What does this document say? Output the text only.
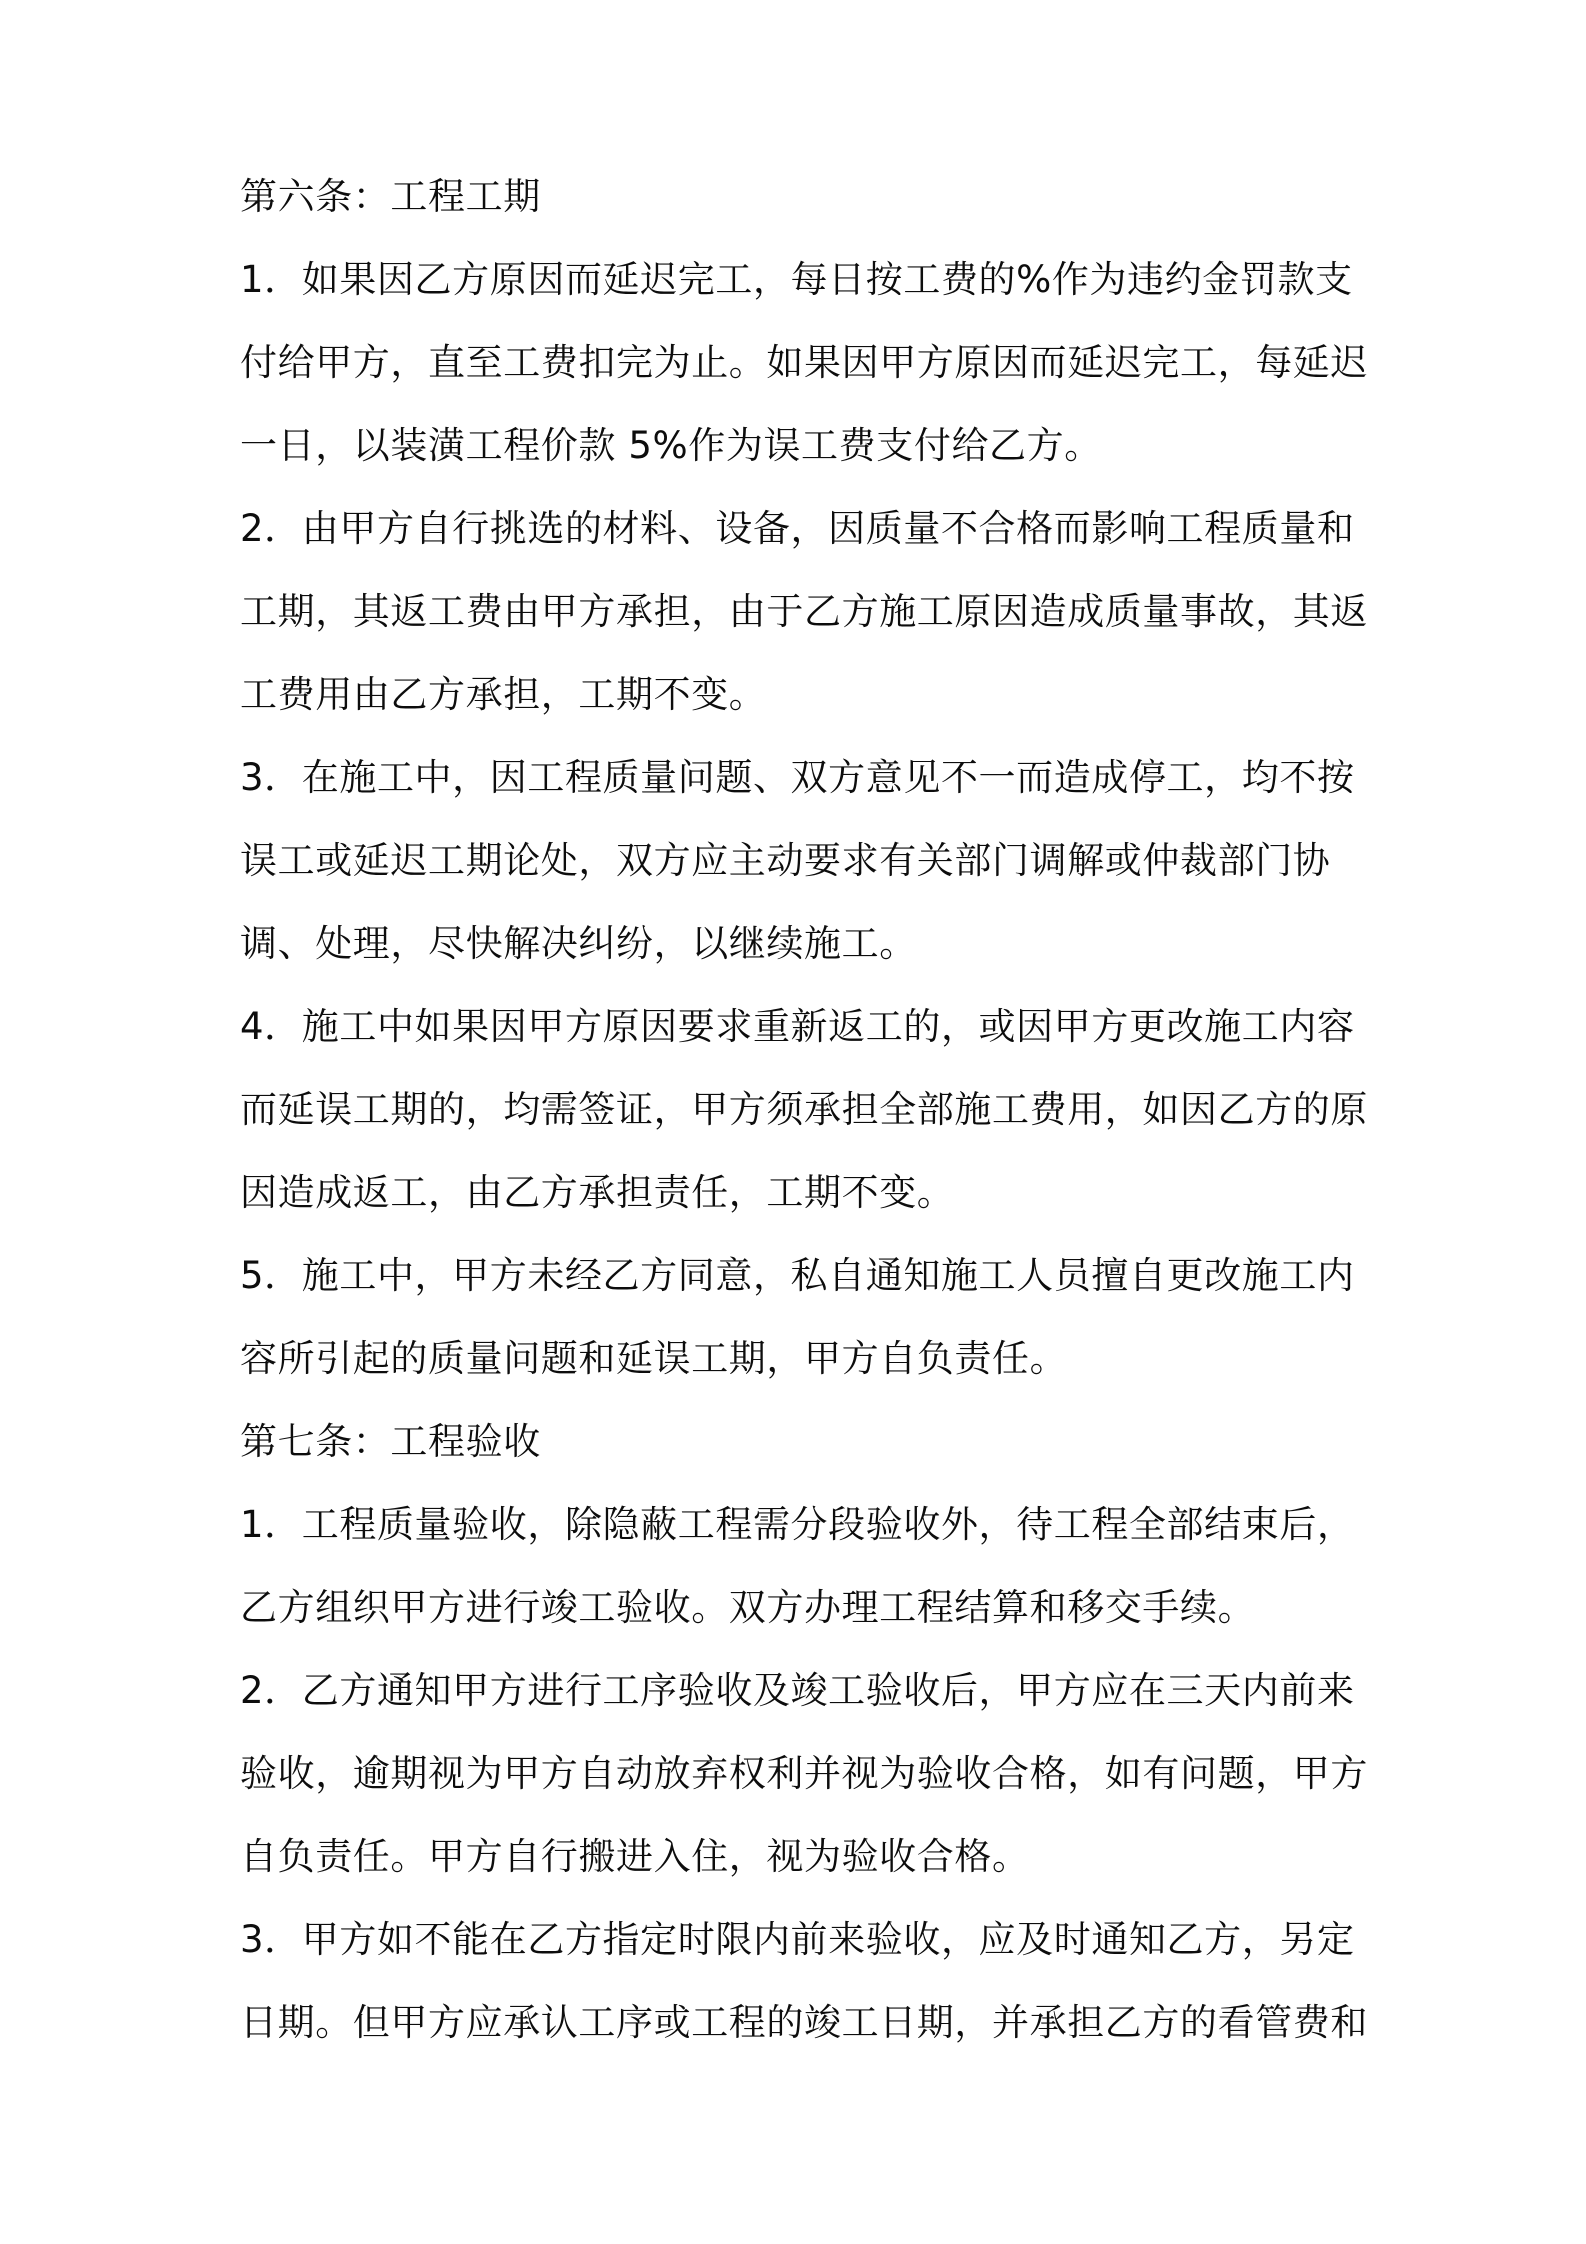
第六条：工程工期
1．如果因乙方原因而延迟完工，每日按工费的%作为违约金罚款支
付给甲方，直至工费扣完为止。如果因甲方原因而延迟完工，每延迟
一日，以装潢工程价款 5%作为误工费支付给乙方。
2．由甲方自行挑选的材料、设备，因质量不合格而影响工程质量和
工期，其返工费由甲方承担，由于乙方施工原因造成质量事故，其返
工费用由乙方承担，工期不变。
3．在施工中，因工程质量问题、双方意见不一而造成停工，均不按
误工或延迟工期论处，双方应主动要求有关部门调解或仲裁部门协
调、处理，尽快解决纠纷，以继续施工。
4．施工中如果因甲方原因要求重新返工的，或因甲方更改施工内容
而延误工期的，均需签证，甲方须承担全部施工费用，如因乙方的原
因造成返工，由乙方承担责任，工期不变。
5．施工中，甲方未经乙方同意，私自通知施工人员擅自更改施工内
容所引起的质量问题和延误工期，甲方自负责任。
第七条：工程验收
1．工程质量验收，除隐蔽工程需分段验收外，待工程全部结束后，
乙方组织甲方进行竣工验收。双方办理工程结算和移交手续。
2．乙方通知甲方进行工序验收及竣工验收后，甲方应在三天内前来
验收，逾期视为甲方自动放弃权利并视为验收合格，如有问题，甲方
自负责任。甲方自行搬进入住，视为验收合格。
3．甲方如不能在乙方指定时限内前来验收，应及时通知乙方，另定
日期。但甲方应承认工序或工程的竣工日期，并承担乙方的看管费和
